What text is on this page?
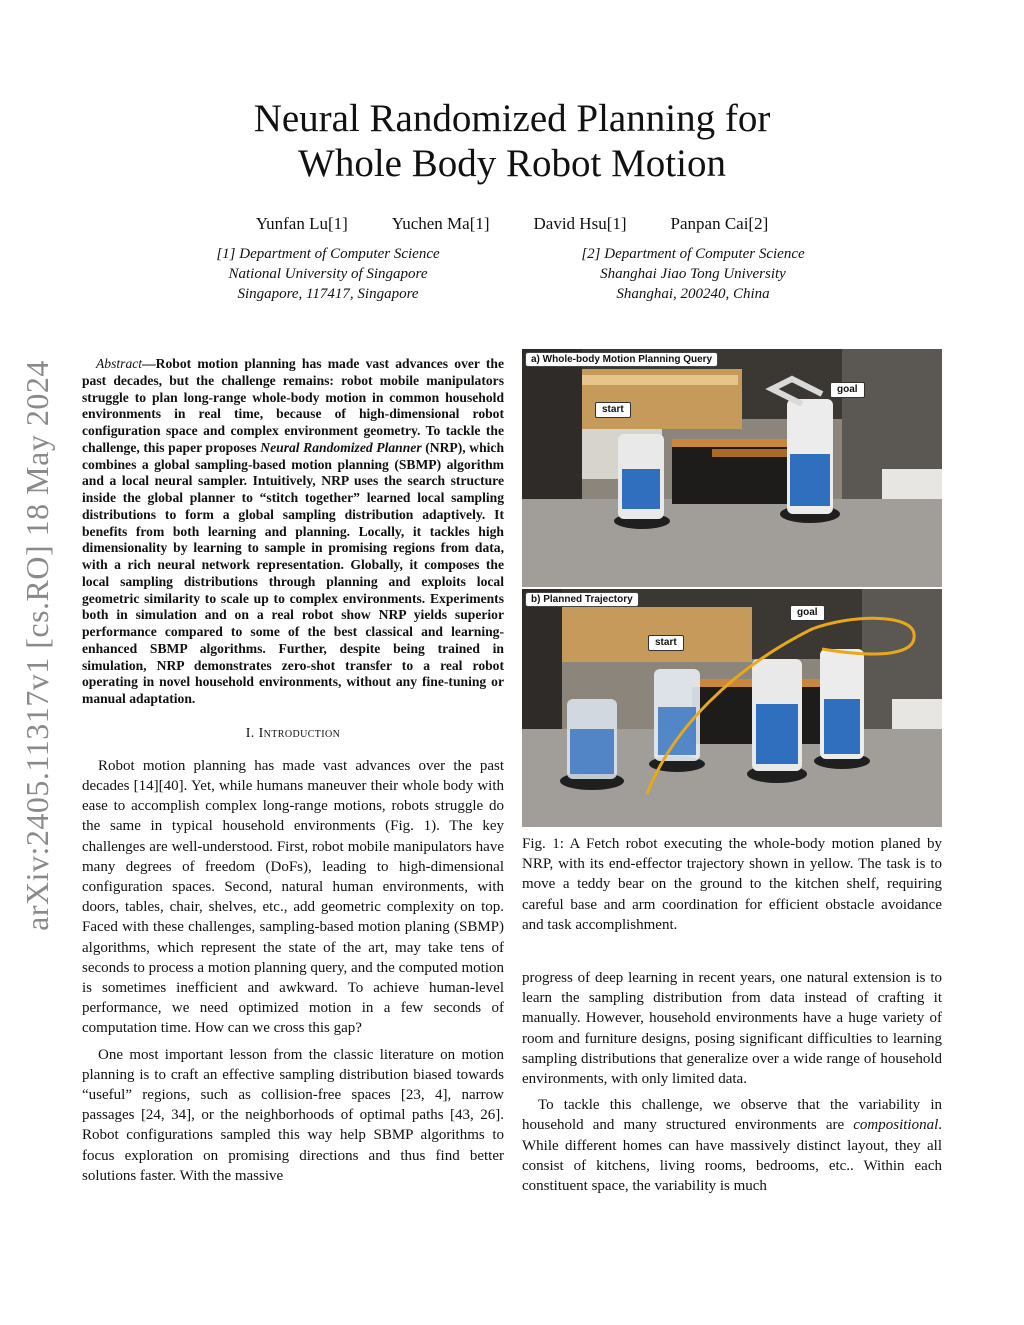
arXiv:2405.11317v1 [cs.RO] 18 May 2024
Neural Randomized Planning for
Whole Body Robot Motion
Yunfan Lu[1]	Yuchen Ma[1]	David Hsu[1]	Panpan Cai[2]
[1] Department of Computer Science
National University of Singapore
Singapore, 117417, Singapore
[2] Department of Computer Science
Shanghai Jiao Tong University
Shanghai, 200240, China

Abstract—Robot motion planning has made vast advances over the past decades, but the challenge remains: robot mobile manipulators struggle to plan long-range whole-body motion in common household environments in real time, because of high-dimensional robot configuration space and complex environment geometry. To tackle the challenge, this paper proposes Neural Randomized Planner (NRP), which combines a global sampling-based motion planning (SBMP) algorithm and a local neural sampler. Intuitively, NRP uses the search structure inside the global planner to “stitch together” learned local sampling distributions to form a global sampling distribution adaptively. It benefits from both learning and planning. Locally, it tackles high dimensionality by learning to sample in promising regions from data, with a rich neural network representation. Globally, it composes the local sampling distributions through planning and exploits local geometric similarity to scale up to complex environments. Experiments both in simulation and on a real robot show NRP yields superior performance compared to some of the best classical and learning-enhanced SBMP algorithms. Further, despite being trained in simulation, NRP demonstrates zero-shot transfer to a real robot operating in novel household environments, without any fine-tuning or manual adaptation.

I. Introduction

Robot motion planning has made vast advances over the past decades [14][40]. Yet, while humans maneuver their whole body with ease to accomplish complex long-range motions, robots struggle do the same in typical household environments (Fig. 1). The key challenges are well-understood. First, robot mobile manipulators have many degrees of freedom (DoFs), leading to high-dimensional configuration spaces. Second, natural human environments, with doors, tables, chair, shelves, etc., add geometric complexity on top. Faced with these challenges, sampling-based motion planing (SBMP) algorithms, which represent the state of the art, may take tens of seconds to process a motion planning query, and the computed motion is sometimes inefficient and awkward. To achieve human-level performance, we need optimized motion in a few seconds of computation time. How can we cross this gap?

One most important lesson from the classic literature on motion planning is to craft an effective sampling distribution biased towards “useful” regions, such as collision-free spaces [23, 4], narrow passages [24, 34], or the neighborhoods of optimal paths [43, 26]. Robot configurations sampled this way help SBMP algorithms to focus exploration on promising directions and thus find better solutions faster. With the massive

a) Whole-body Motion Planning Query
start
goal
b) Planned Trajectory
start
goal

Fig. 1: A Fetch robot executing the whole-body motion planed by NRP, with its end-effector trajectory shown in yellow. The task is to move a teddy bear on the ground to the kitchen shelf, requiring careful base and arm coordination for efficient obstacle avoidance and task accomplishment.

progress of deep learning in recent years, one natural extension is to learn the sampling distribution from data instead of crafting it manually. However, household environments have a huge variety of room and furniture designs, posing significant difficulties to learning sampling distributions that generalize over a wide range of household environments, with only limited data.

To tackle this challenge, we observe that the variability in household and many structured environments are compositional. While different homes can have massively distinct layout, they all consist of kitchens, living rooms, bedrooms, etc.. Within each constituent space, the variability is much
